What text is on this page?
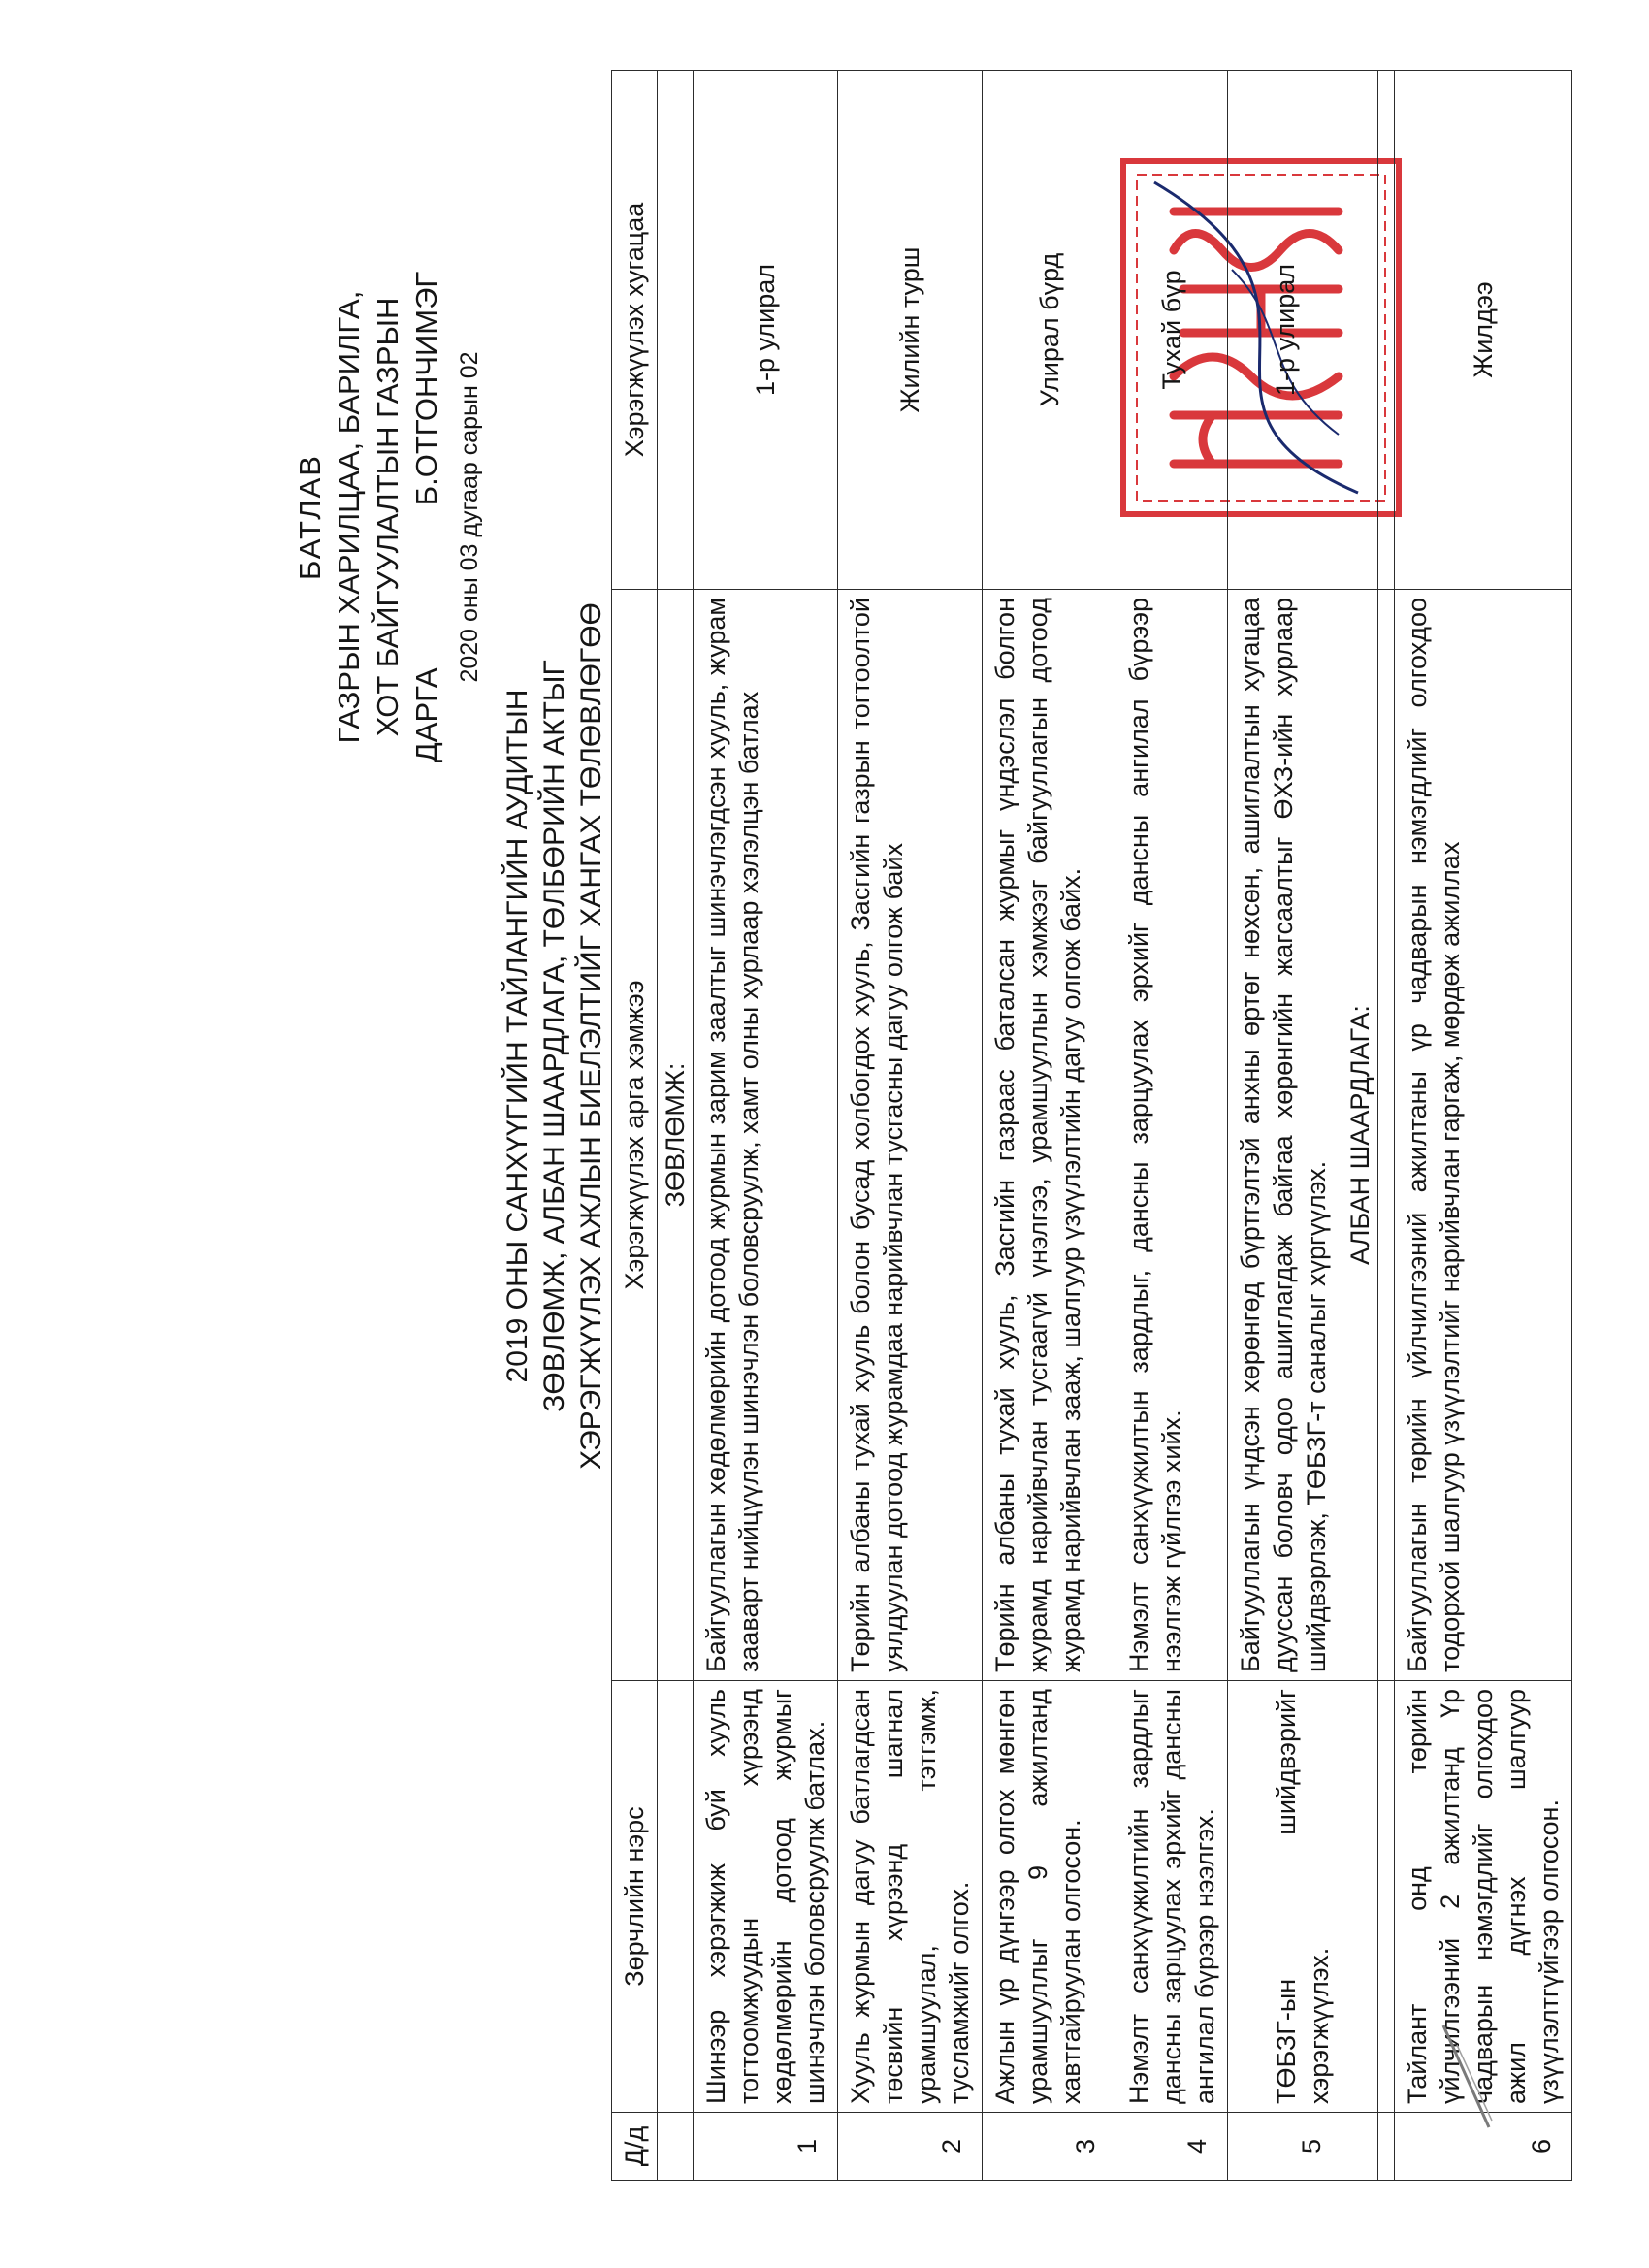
БАТЛАВ ГАЗРЫН ХАРИЛЦАА, БАРИЛГА, ХОТ БАЙГУУЛАЛТЫН ГАЗРЫН ДАРГА  Б.ОТГОНЧИМЭГ 2020 оны 03 дугаар сарын 02
2019 ОНЫ САНХҮҮГИЙН ТАЙЛАНГИЙН АУДИТЫН ЗӨВЛӨМЖ, АЛБАН ШААРДЛАГА, ТӨЛБӨРИЙН АКТЫГ ХЭРЭГЖҮҮЛЭХ АЖЛЫН БИЕЛЭЛТИЙГ ХАНГАХ ТӨЛӨВЛӨГӨӨ
Д/д	Зөрчлийн нэрс	Хэрэгжүүлэх арга хэмжээ	Хэрэгжүүлэх хугацаа
		ЗӨВЛӨМЖ:	
1	Шинээр хэрэгжиж буй хууль тогтоомжуудын хүрээнд хөдөлмөрийн дотоод журмыг шинэчлэн боловсруулж батлах.	Байгууллагын хөдөлмөрийн дотоод журмын зарим заалтыг шинэчлэгдсэн хууль, журам зааварт нийцүүлэн шинэчлэн боловсруулж, хамт олны хурлаар хэлэлцэн батлах	1-р улирал
2	Хууль журмын дагуу батлагдсан төсвийн хүрээнд шагнал урамшуулал, тэтгэмж, тусламжийг олгох.	Төрийн албаны тухай хууль болон бусад холбогдох хууль, Засгийн газрын тогтоолтой уялдуулан дотоод журамдаа нарийвчлан тусгасны дагуу олгож байх	Жилийн турш
3	Ажлын үр дүнгээр олгох мөнгөн урамшууллыг 9 ажилтанд хавтгайруулан олгосон.	Төрийн албаны тухай хууль, Засгийн газраас баталсан журмыг үндэслэл болгон журамд нарийвчлан тусгаагүй үнэлгээ, урамшууллын хэмжээг байгууллагын дотоод журамд нарийвчлан зааж, шалгуур үзүүлэлтийн дагуу олгож байх.	Улирал бүрд
4	Нэмэлт санхүүжилтийн зардлыг дансны зарцуулах эрхийг дансны ангилал бүрээр нээлгэх.	Нэмэлт санхүүжилтын зардлыг, дансны зарцуулах эрхийг дансны ангилал бүрээр нээлгэж гүйлгээ хийх.	Тухай бүр
5	ТӨБЗГ-ын шийдвэрийг хэрэгжүүлэх.	Байгууллагын үндсэн хөрөнгөд бүртгэлтэй анхны өртөг нөхсөн, ашиглалтын хугацаа дууссан боловч одоо ашиглагдаж байгаа хөрөнгийн жагсаалтыг ӨХЗ-ийн хурлаар шийдвэрлэж, ТӨБЗГ-т саналыг хүргүүлэх.	1-р улирал
		АЛБАН ШААРДЛАГА:	

6	Тайлант онд төрийн үйлчилгээний 2 ажилтанд Үр чадварын нэмэгдлийг олгохдоо ажил дүгнэх шалгуур үзүүлэлтгүйгээр олгосон.	Байгууллагын төрийн үйлчилгээний ажилтаны үр чадварын нэмэгдлийг олгохдоо тодорхой шалгуур үзүүлэлтийг нарийвчлан гаргаж, мөрдөж ажиллах	Жилдээ
